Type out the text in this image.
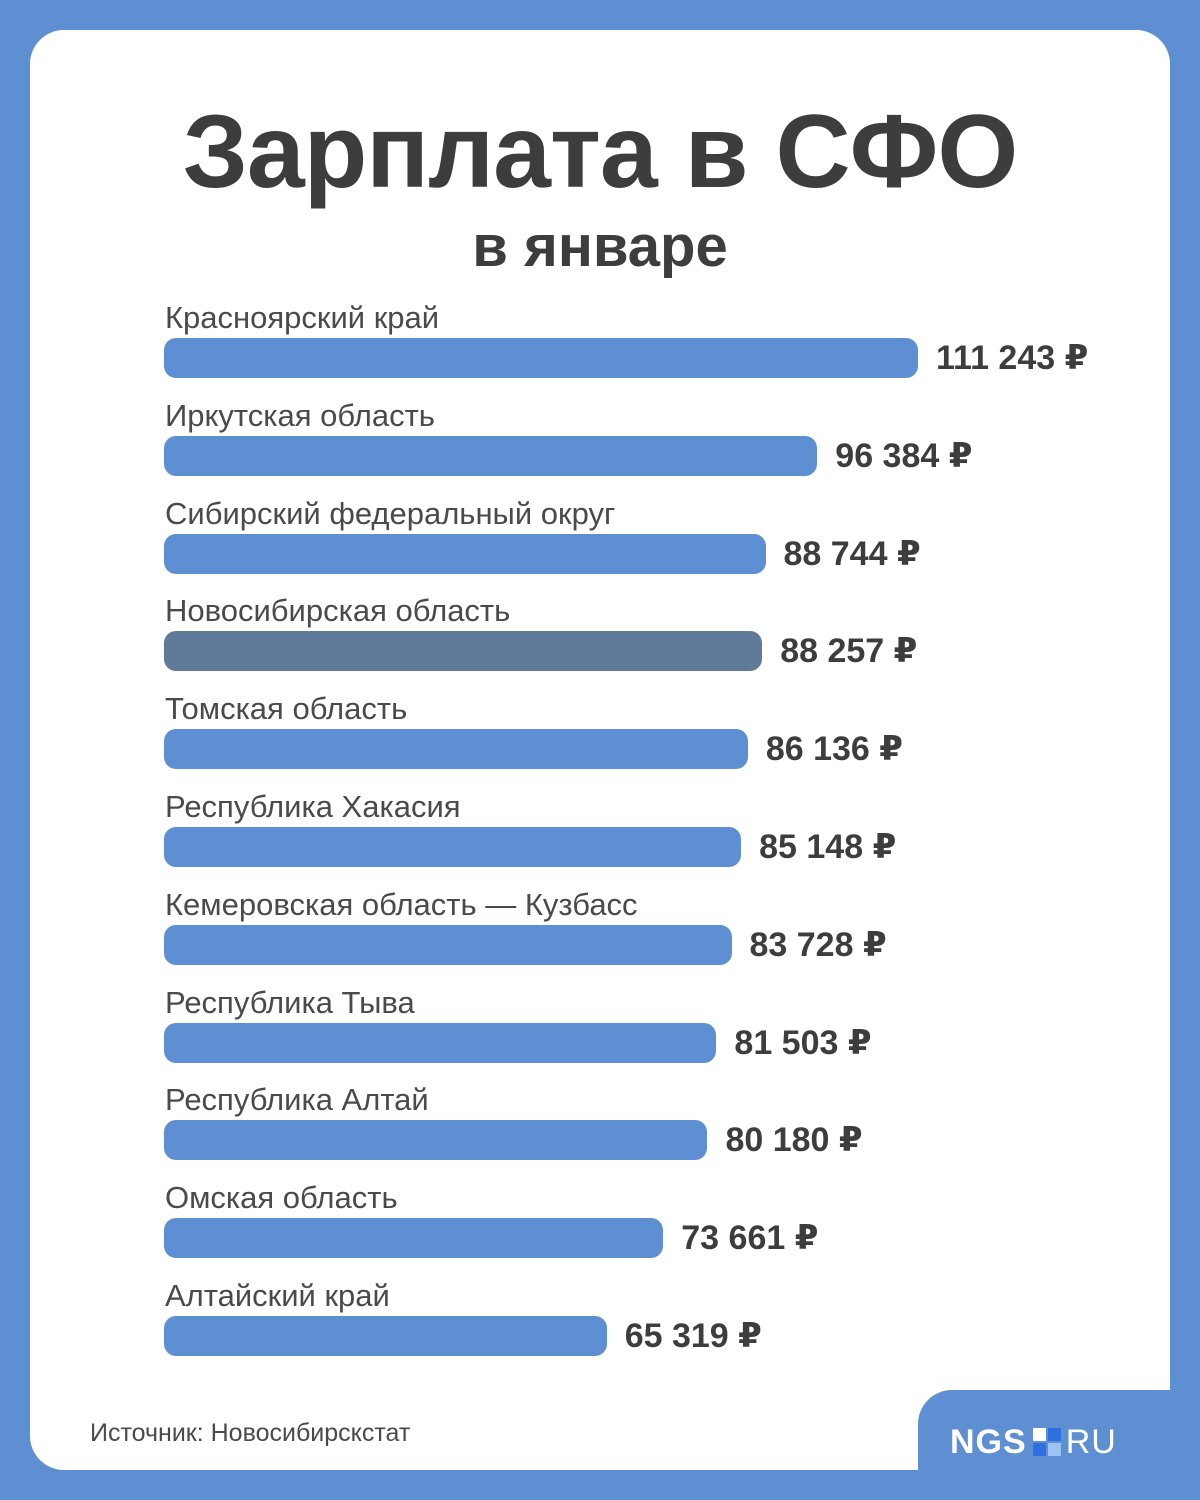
Зарплата в СФО
в январе
Красноярский край
111 243 ₽
Иркутская область
96 384 ₽
Сибирский федеральный округ
88 744 ₽
Новосибирская область
88 257 ₽
Томская область
86 136 ₽
Республика Хакасия
85 148 ₽
Кемеровская область — Кузбасс
83 728 ₽
Республика Тыва
81 503 ₽
Республика Алтай
80 180 ₽
Омская область
73 661 ₽
Алтайский край
65 319 ₽
Источник: Новосибирскстат	NGS RU
